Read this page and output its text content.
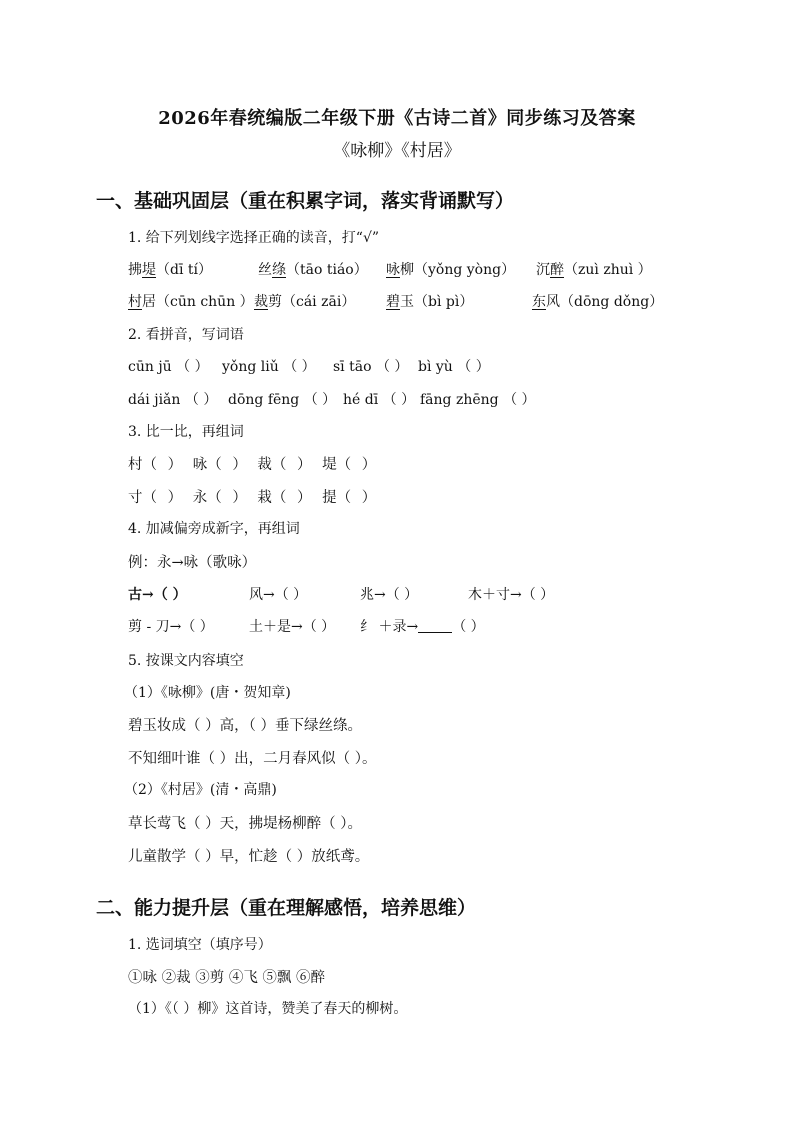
2026年春统编版二年级下册《古诗二首》同步练习及答案
《咏柳》《村居》
一、基础巩固层（重在积累字词，落实背诵默写）
1. 给下列划线字选择正确的读音，打“√”
拂堤（dī tí）	丝绦（tāo tiáo） 咏柳（yǒng yòng） 沉醉（zuì zhuì ）
村居（cūn chūn ） 裁剪（cái zāi） 碧玉（bì pì）	东风（dōng dǒng）
2. 看拼音，写词语
cūn jū （ ） yǒng liǔ （ ） sī tāo （ ） bì yù （ ）
dái jiǎn （ ） dōng fēng （ ） hé dī （ ） fāng zhēng （ ）
3. 比一比，再组词
村（ ） 咏（ ） 裁（ ） 堤（ ）
寸（ ） 永（ ） 栽（ ） 提（ ）
4. 加减偏旁成新字，再组词
例：永→咏（歌咏）
古→（ ）	风→（ ）	兆→（ ）	木＋寸→（ ）
剪 - 刀→（ ）	土＋是→（ ） 纟 ＋录→ （ ）
5. 按课文内容填空
（1）《咏柳》(唐・贺知章)
碧玉妆成（ ）高，（ ）垂下绿丝绦。
不知细叶谁（ ）出，二月春风似（ ）。
（2）《村居》(清・高鼎)
草长莺飞（ ）天，拂堤杨柳醉（ ）。
儿童散学（ ）早，忙趁（ ）放纸鸢。
二、能力提升层（重在理解感悟，培养思维）
1. 选词填空（填序号）
①咏 ②裁 ③剪 ④飞 ⑤飘 ⑥醉
（1）《（ ）柳》这首诗，赞美了春天的柳树。
